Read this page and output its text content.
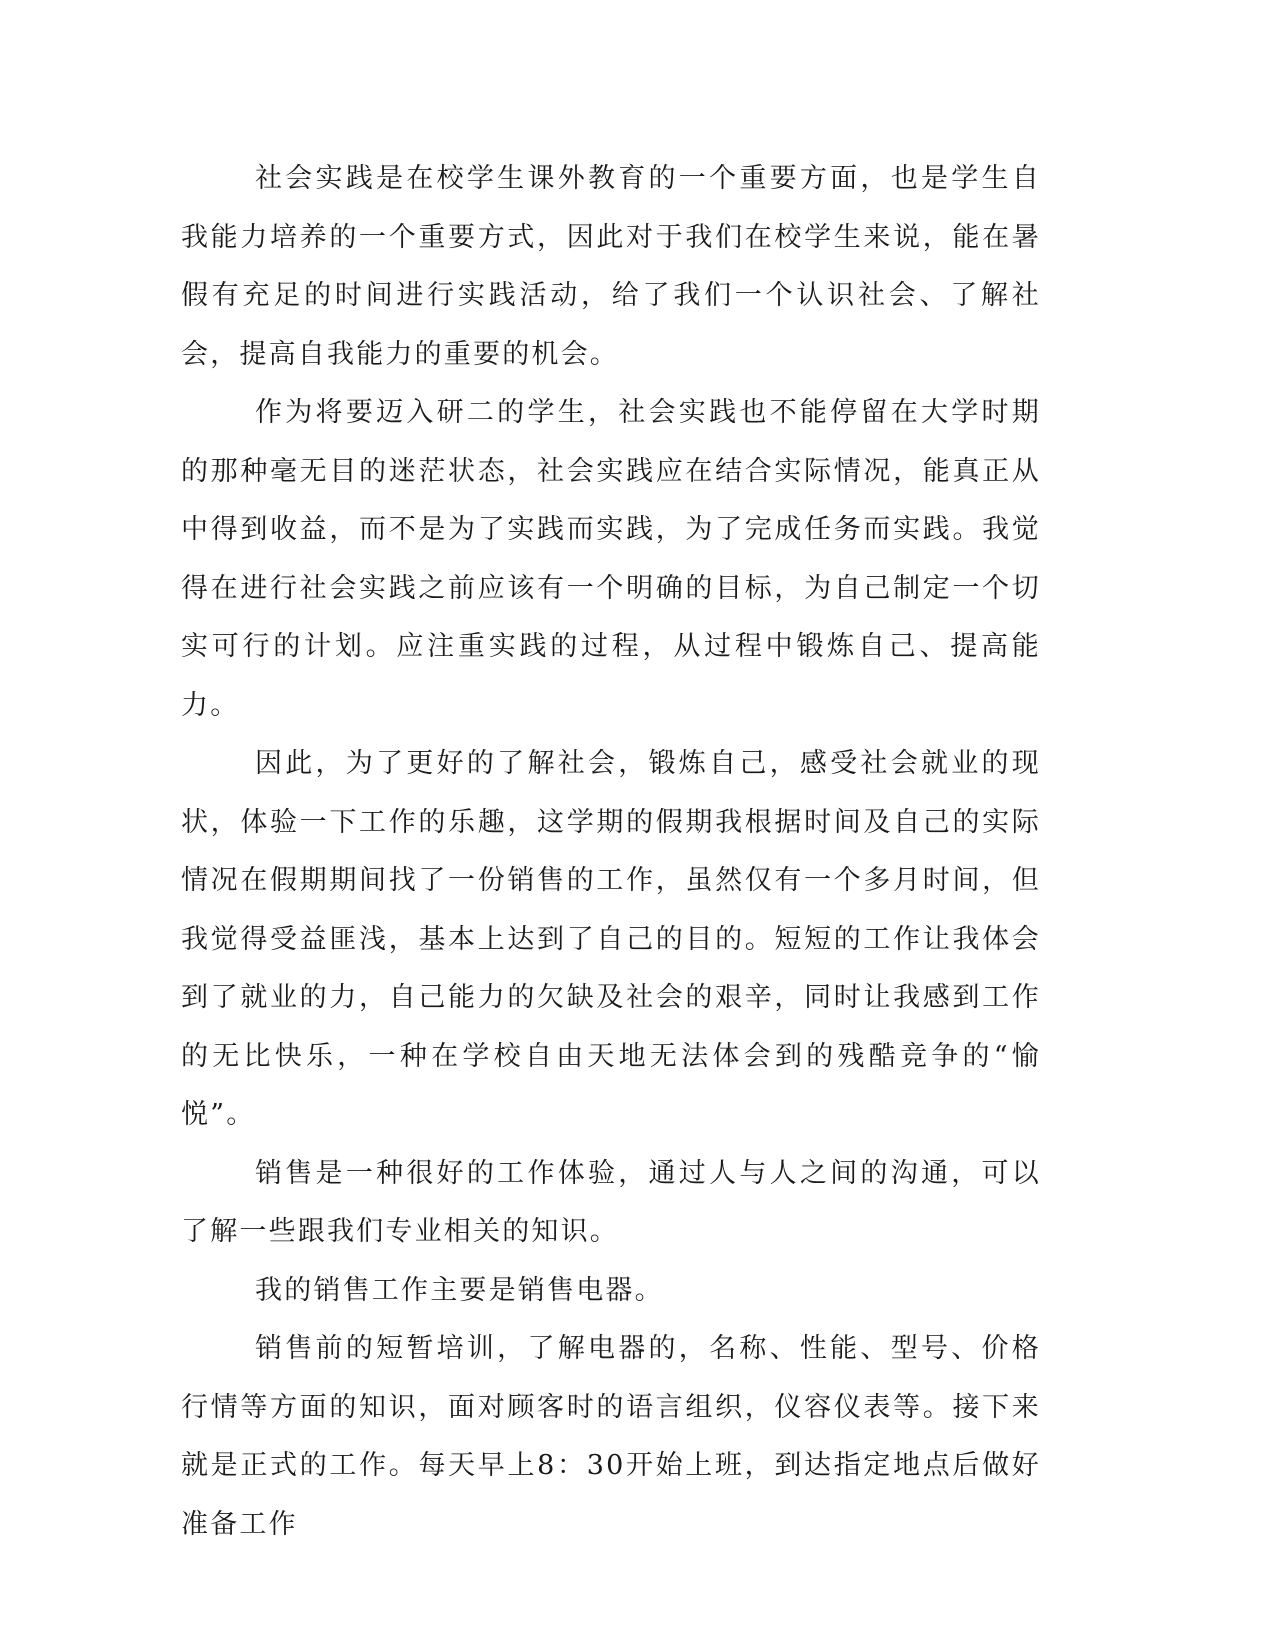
社会实践是在校学生课外教育的一个重要方面，也是学生自我能力培养的一个重要方式，因此对于我们在校学生来说，能在暑假有充足的时间进行实践活动，给了我们一个认识社会、了解社会，提高自我能力的重要的机会。

作为将要迈入研二的学生，社会实践也不能停留在大学时期的那种毫无目的迷茫状态，社会实践应在结合实际情况，能真正从中得到收益，而不是为了实践而实践，为了完成任务而实践。我觉得在进行社会实践之前应该有一个明确的目标，为自己制定一个切实可行的计划。应注重实践的过程，从过程中锻炼自己、提高能力。

因此，为了更好的了解社会，锻炼自己，感受社会就业的现状，体验一下工作的乐趣，这学期的假期我根据时间及自己的实际情况在假期期间找了一份销售的工作，虽然仅有一个多月时间，但我觉得受益匪浅，基本上达到了自己的目的。短短的工作让我体会到了就业的力，自己能力的欠缺及社会的艰辛，同时让我感到工作的无比快乐，一种在学校自由天地无法体会到的残酷竞争的“愉悦”。

销售是一种很好的工作体验，通过人与人之间的沟通，可以了解一些跟我们专业相关的知识。

我的销售工作主要是销售电器。

销售前的短暂培训，了解电器的，名称、性能、型号、价格行情等方面的知识，面对顾客时的语言组织，仪容仪表等。接下来就是正式的工作。每天早上8：30开始上班，到达指定地点后做好准备工作
